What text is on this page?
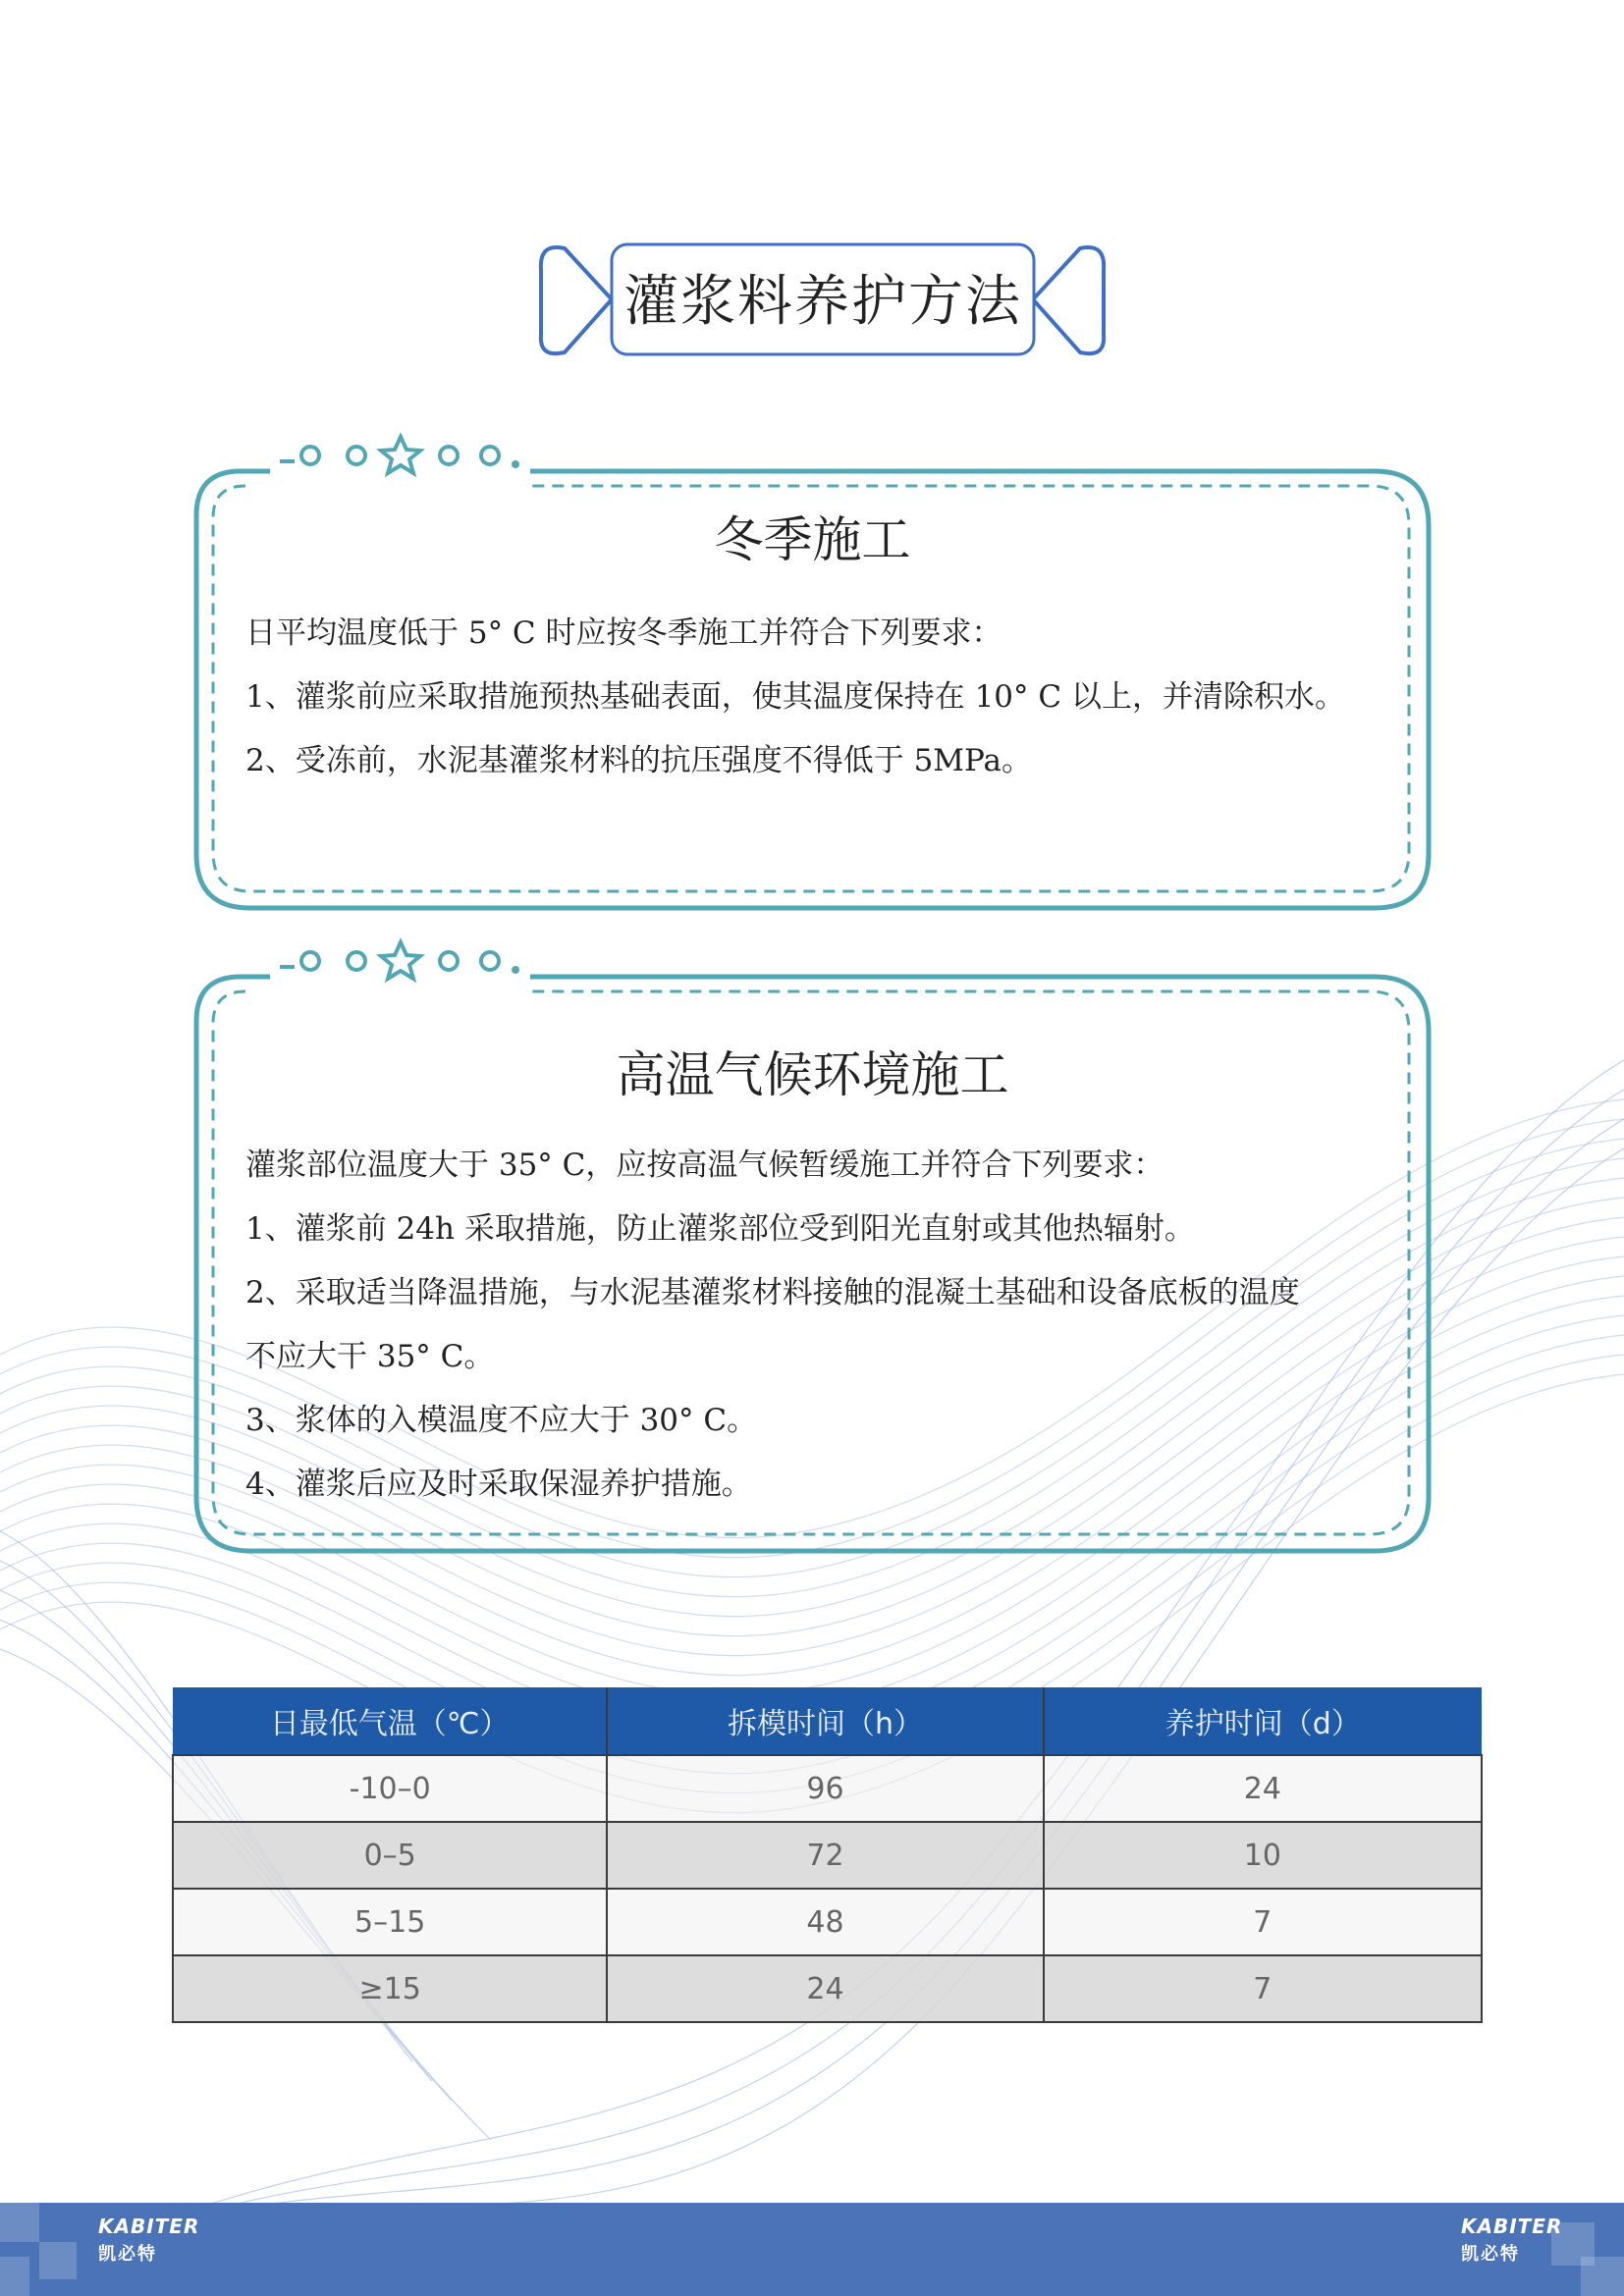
灌浆料养护方法
冬季施工

日平均温度低于 5° C 时应按冬季施工并符合下列要求：

1、灌浆前应采取措施预热基础表面，使其温度保持在 10° C 以上，并清除积水。

2、受冻前，水泥基灌浆材料的抗压强度不得低于 5MPa。

高温气候环境施工

灌浆部位温度大于 35° C，应按高温气候暂缓施工并符合下列要求：

1、灌浆前 24h 采取措施，防止灌浆部位受到阳光直射或其他热辐射。

2、采取适当降温措施，与水泥基灌浆材料接触的混凝土基础和设备底板的温度

不应大干 35° C。

3、浆体的入模温度不应大于 30° C。

4、灌浆后应及时采取保湿养护措施。

日最低气温（℃）	拆模时间（h）	养护时间（d）
-10–0	96	24
0–5	72	10
5–15	48	7
≥15	24	7
KABITER
凯必特
KABITER
凯必特
